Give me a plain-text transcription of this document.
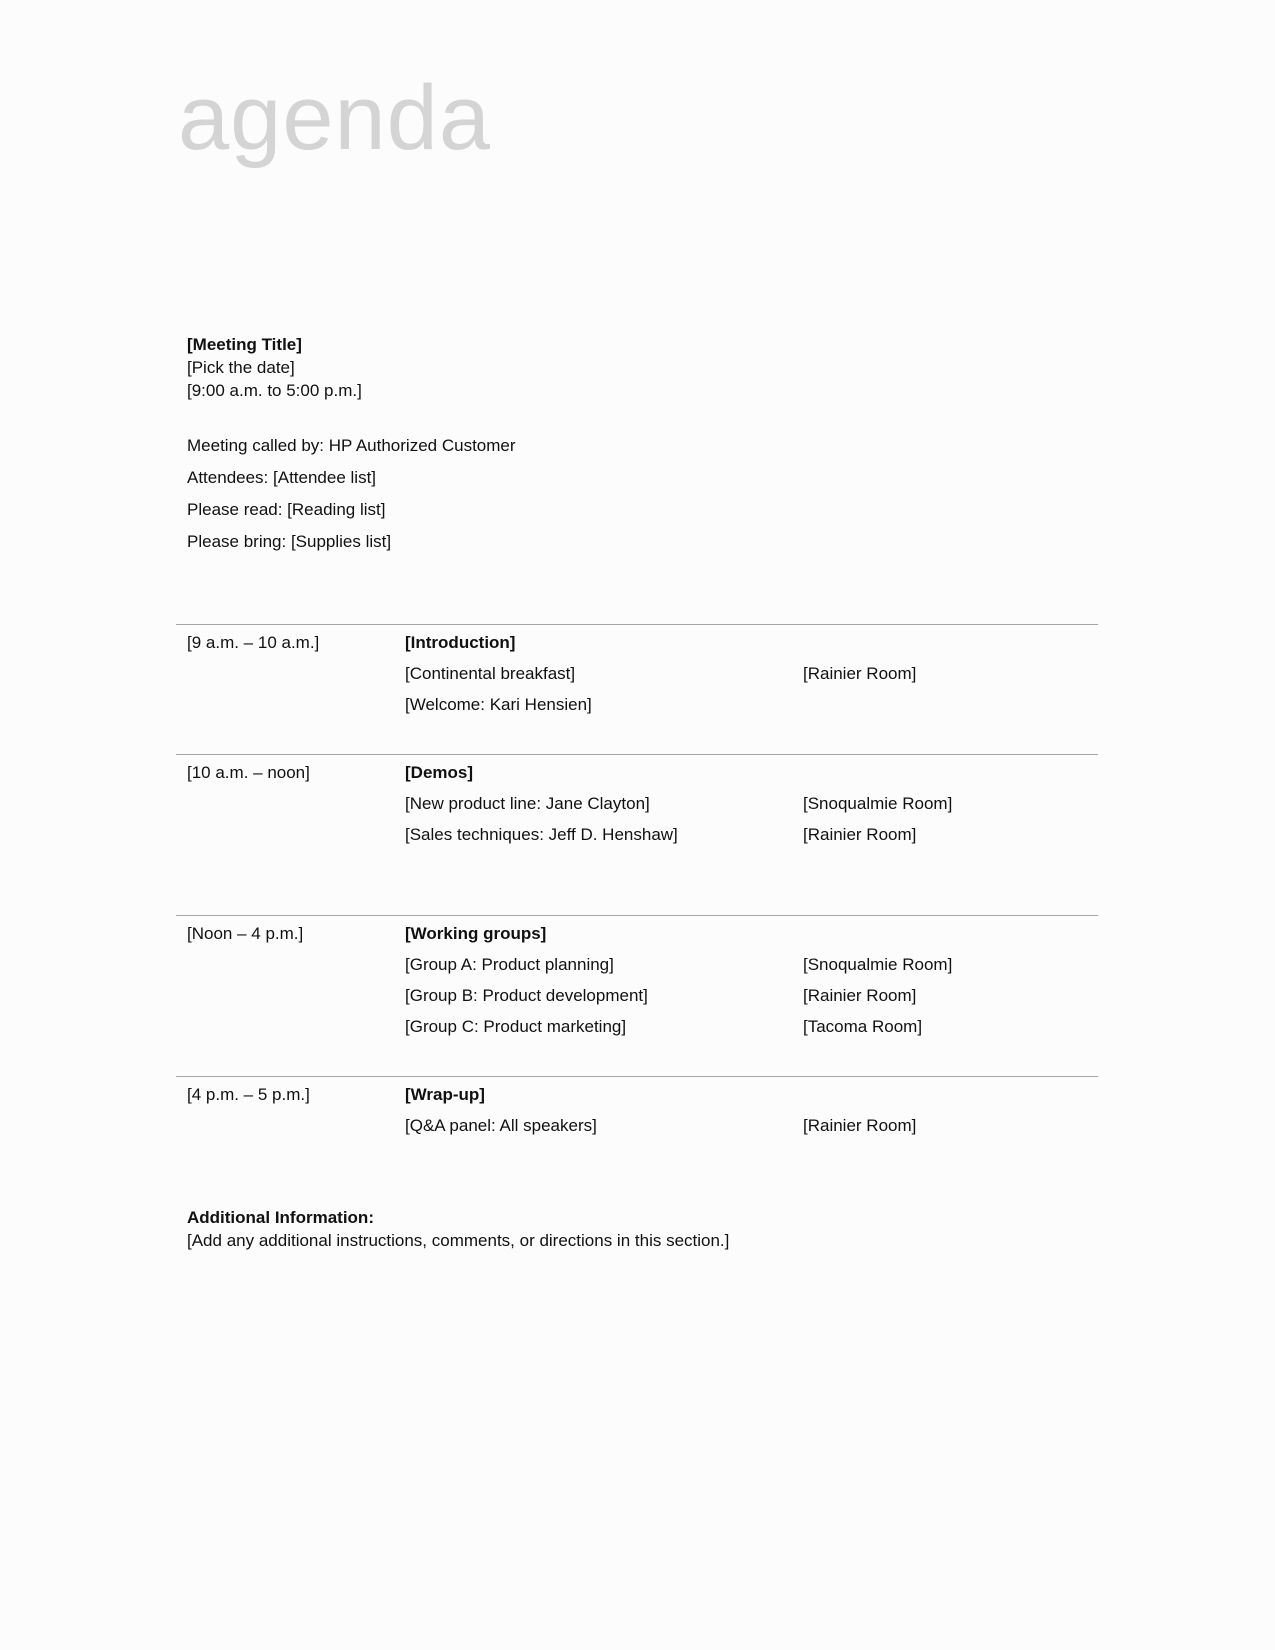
agenda
[Meeting Title]
[Pick the date]
[9:00 a.m. to 5:00 p.m.]
Meeting called by: HP Authorized Customer
Attendees: [Attendee list]
Please read: [Reading list]
Please bring: [Supplies list]
[9 a.m. – 10 a.m.]	[Introduction]
[Continental breakfast]	[Rainier Room]
[Welcome: Kari Hensien]
[10 a.m. – noon]	[Demos]
[New product line: Jane Clayton]	[Snoqualmie Room]
[Sales techniques: Jeff D. Henshaw]	[Rainier Room]
[Noon – 4 p.m.]	[Working groups]
[Group A: Product planning]	[Snoqualmie Room]
[Group B: Product development]	[Rainier Room]
[Group C: Product marketing]	[Tacoma Room]
[4 p.m. – 5 p.m.]	[Wrap-up]
[Q&A panel: All speakers]	[Rainier Room]
Additional Information:
[Add any additional instructions, comments, or directions in this section.]
